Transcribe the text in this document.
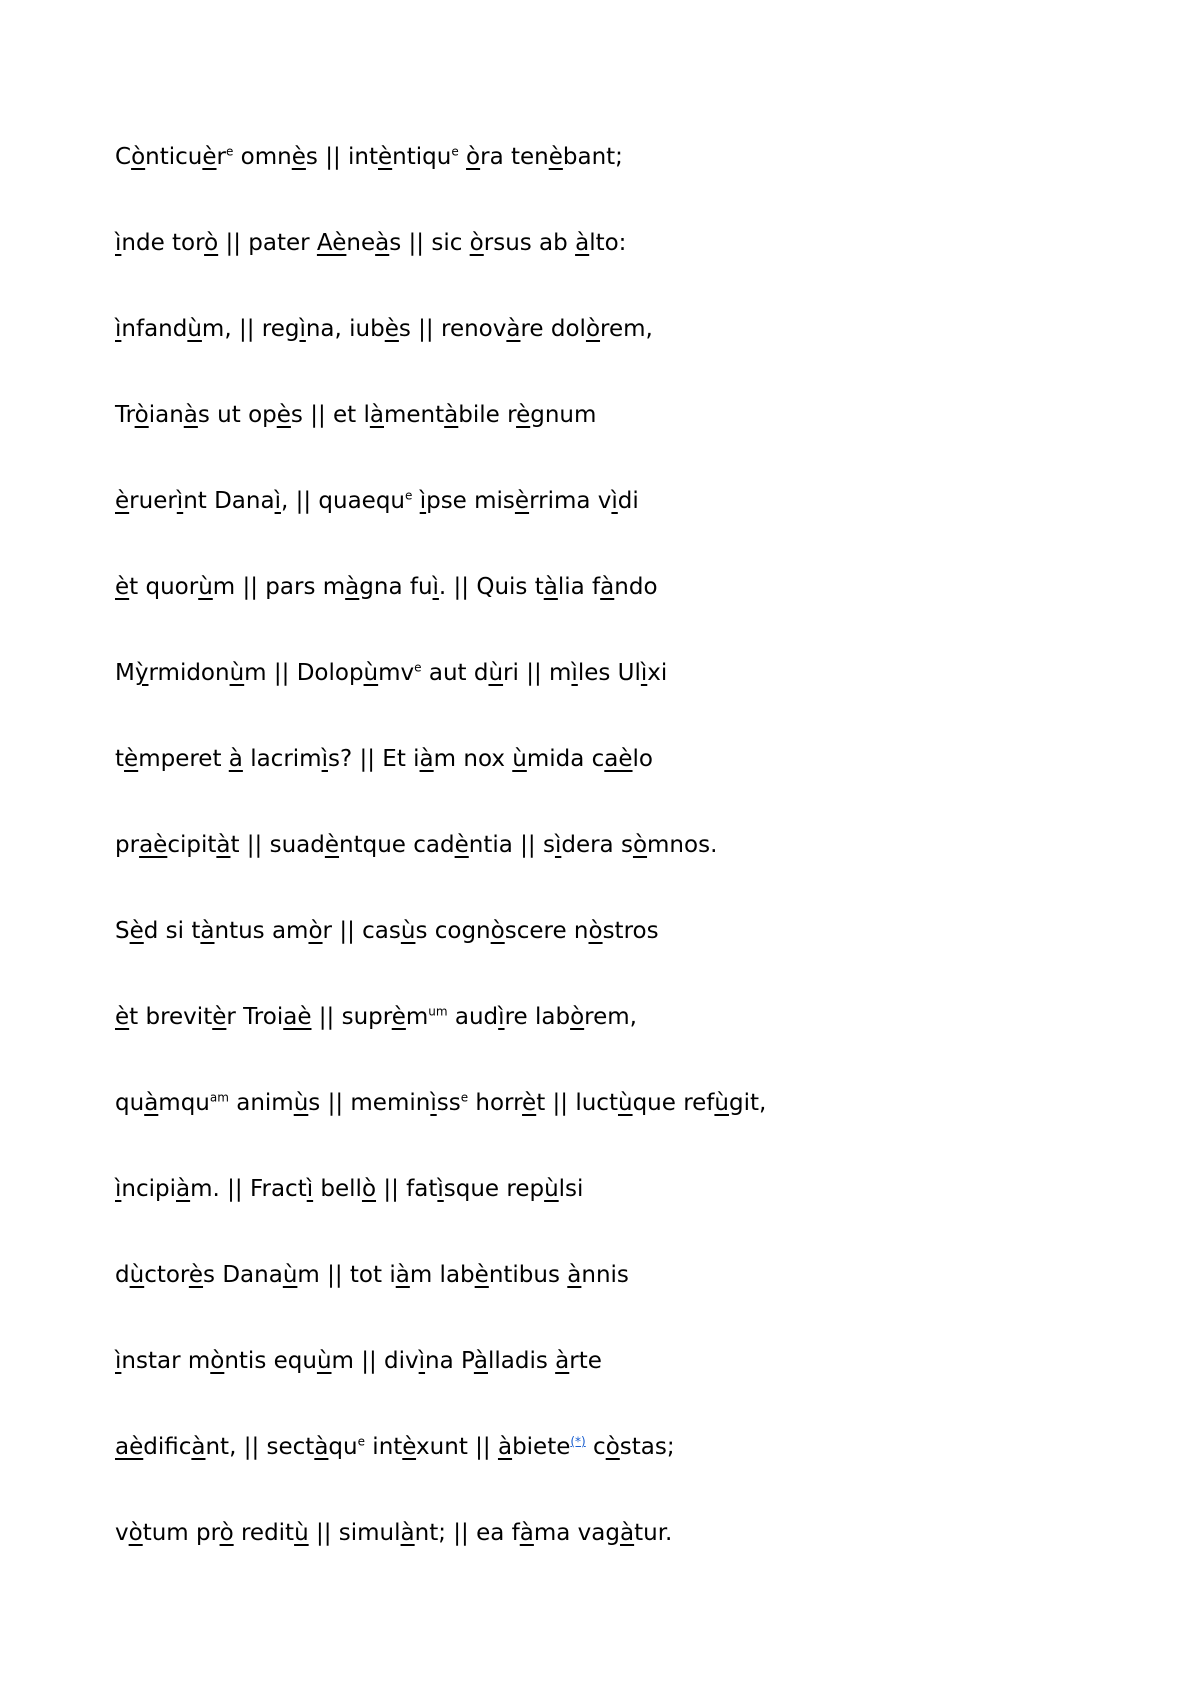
Cònticuèr$^e$ omnès || intèntiqu$^e$ òra tenèbant;
ìnde torò || pater Aèneàs || sic òrsus ab àlto:
ìnfandùm, || regìna, iubès || renovàre dolòrem,
Tròianàs ut opès || et làmentàbile règnum
èruerìnt Danaì, || quaequ$^e$ ìpse misèrrima vìdi
èt quorùm || pars màgna fuì. || Quis tàlia fàndo
Mỳrmidonùm || Dolopùmv$^e$ aut dùri || mìles Ulìxi
tèmperet à lacrimìs? || Et iàm nox ùmida caèlo
praècipitàt || suadèntque cadèntia || sìdera sòmnos.
Sèd si tàntus amòr || casùs cognòscere nòstros
èt brevitèr Troiaè || suprèm$^{um}$ audìre labòrem,
quàmqu$^{am}$ animùs || meminìss$^e$ horrèt || luctùque refùgit,
ìncipiàm. || Fractì bellò || fatìsque repùlsi
dùctorès Danaùm || tot iàm labèntibus ànnis
ìnstar mòntis equùm || divìna Pàlladis àrte
aèdificànt, || sectàqu$^e$ intèxunt || àbiete(*) còstas;
vòtum prò reditù || simulànt; || ea fàma vagàtur.
